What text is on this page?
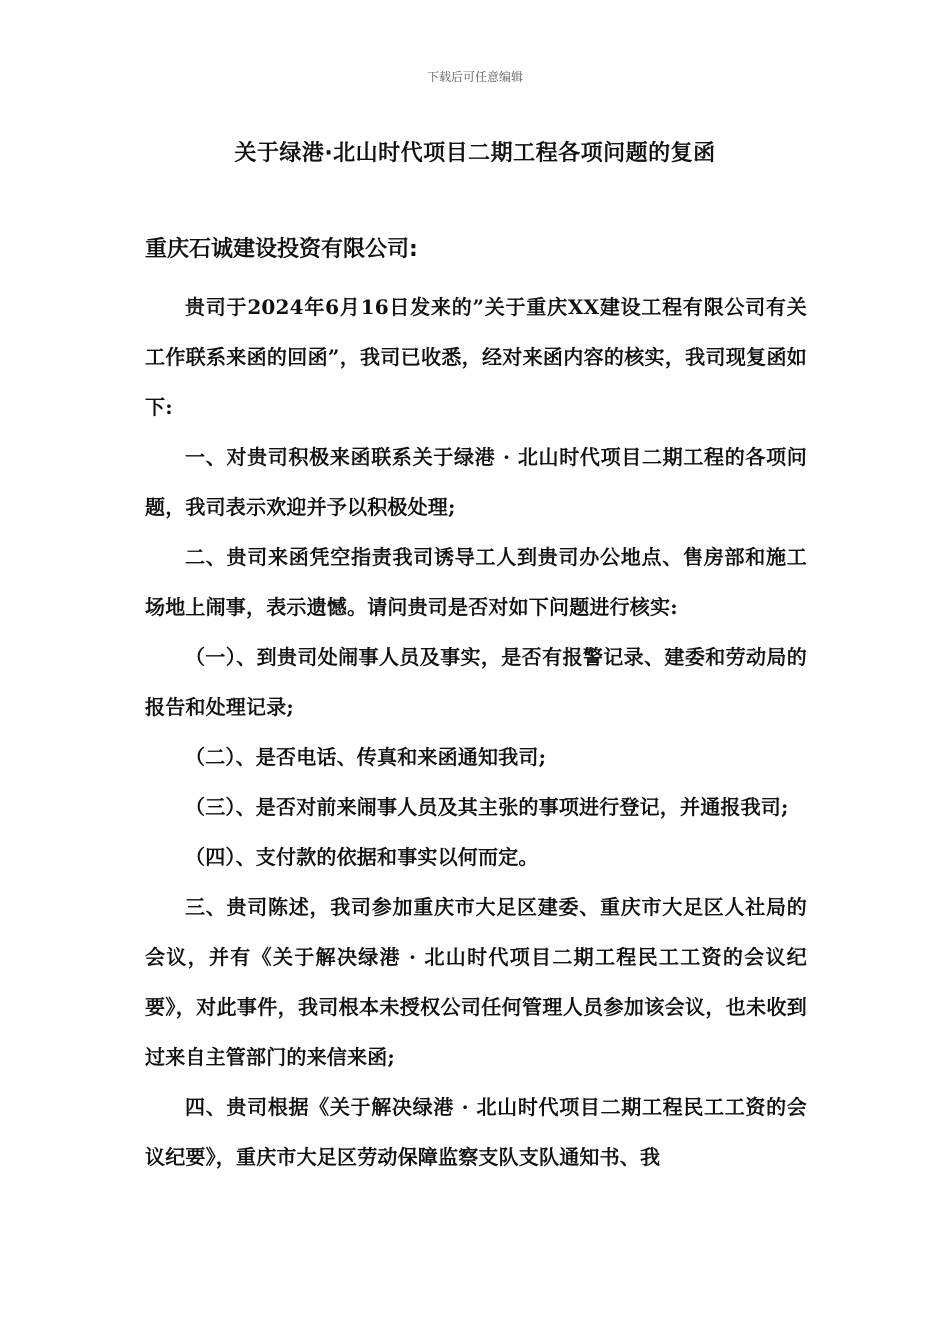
下载后可任意编辑
关于绿港·北山时代项目二期工程各项问题的复函

重庆石诚建设投资有限公司:

贵司于2024年6月16日发来的”关于重庆XX建设工程有限公司有关工作联系来函的回函”，我司已收悉，经对来函内容的核实，我司现复函如下:

一、对贵司积极来函联系关于绿港 · 北山时代项目二期工程的各项问题，我司表示欢迎并予以积极处理;

二、贵司来函凭空指责我司诱导工人到贵司办公地点、售房部和施工场地上闹事，表示遗憾。请问贵司是否对如下问题进行核实:

（一）、到贵司处闹事人员及事实，是否有报警记录、建委和劳动局的报告和处理记录;

（二）、是否电话、传真和来函通知我司;

（三）、是否对前来闹事人员及其主张的事项进行登记，并通报我司;

（四）、支付款的依据和事实以何而定。

三、贵司陈述，我司参加重庆市大足区建委、重庆市大足区人社局的会议，并有《关于解决绿港 · 北山时代项目二期工程民工工资的会议纪要》，对此事件，我司根本未授权公司任何管理人员参加该会议，也未收到过来自主管部门的来信来函;

四、贵司根据《关于解决绿港 · 北山时代项目二期工程民工工资的会议纪要》，重庆市大足区劳动保障监察支队支队通知书、我
